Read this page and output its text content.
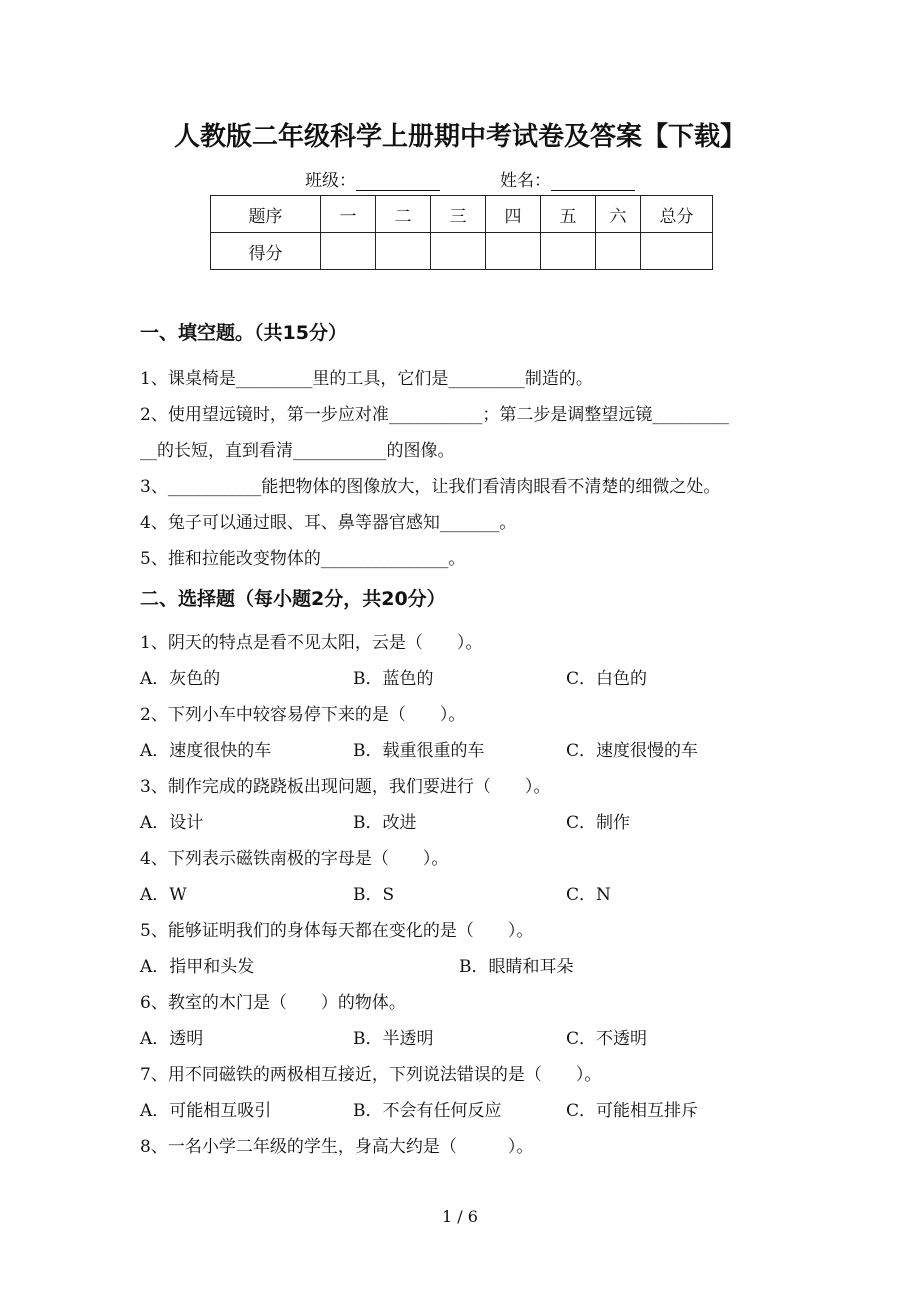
人教版二年级科学上册期中考试卷及答案【下载】
班级：	姓名：
题序	一	二	三	四	五	六	总分
得分							
一、填空题。（共15分）
1、课桌椅是_________里的工具，它们是_________制造的。
2、使用望远镜时，第一步应对准___________；第二步是调整望远镜_________
__的长短，直到看清___________的图像。
3、___________能把物体的图像放大，让我们看清肉眼看不清楚的细微之处。
4、兔子可以通过眼、耳、鼻等器官感知_______。
5、推和拉能改变物体的_______________。
二、选择题（每小题2分，共20分）
1、阴天的特点是看不见太阳，云是（　　）。
A．灰色的	B．蓝色的	C．白色的
2、下列小车中较容易停下来的是（　　）。
A．速度很快的车	B．载重很重的车	C．速度很慢的车
3、制作完成的跷跷板出现问题，我们要进行（　　）。
A．设计	B．改进	C．制作
4、下列表示磁铁南极的字母是（　　）。
A．W	B．S	C．N
5、能够证明我们的身体每天都在变化的是（　　）。
A．指甲和头发	B．眼睛和耳朵
6、教室的木门是（　　）的物体。
A．透明	B．半透明	C．不透明
7、用不同磁铁的两极相互接近，下列说法错误的是（　　）。
A．可能相互吸引	B．不会有任何反应	C．可能相互排斥
8、一名小学二年级的学生，身高大约是（　　　）。
1 / 6
